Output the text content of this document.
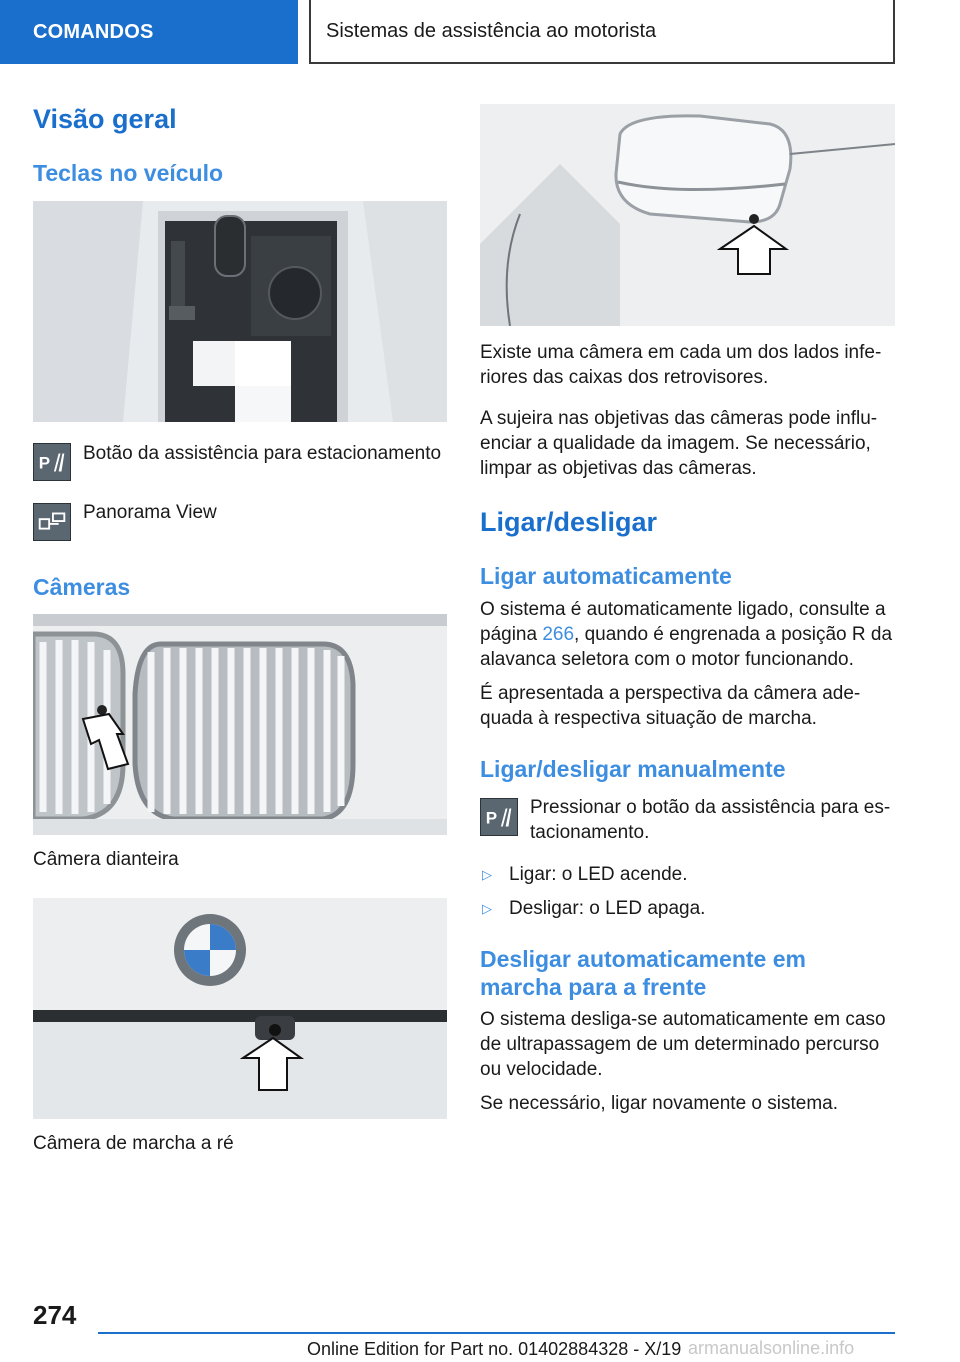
COMANDOS	Sistemas de assistência ao motorista
Visão geral
Teclas no veículo
P Botão da assistência para estacionamento

Panorama View

Câmeras

Câmera dianteira

Câmera de marcha a ré

Existe uma câmera em cada um dos lados infe-

riores das caixas dos retrovisores.

A sujeira nas objetivas das câmeras pode influ-

enciar a qualidade da imagem. Se necessário,

limpar as objetivas das câmeras.

Ligar/desligar
Ligar automaticamente

O sistema é automaticamente ligado, consulte a

página 266, quando é engrenada a posição R da

alavanca seletora com o motor funcionando.

É apresentada a perspectiva da câmera ade-

quada à respectiva situação de marcha.

Ligar/desligar manualmente
P

Pressionar o botão da assistência para es-

tacionamento.

▷ Ligar: o LED acende.

▷ Desligar: o LED apaga.

Desligar automaticamente em
marcha para a frente

O sistema desliga-se automaticamente em caso

de ultrapassagem de um determinado percurso

ou velocidade.

Se necessário, ligar novamente o sistema.

274
Online Edition for Part no. 01402884328 - X/19 armanualsonline.info
